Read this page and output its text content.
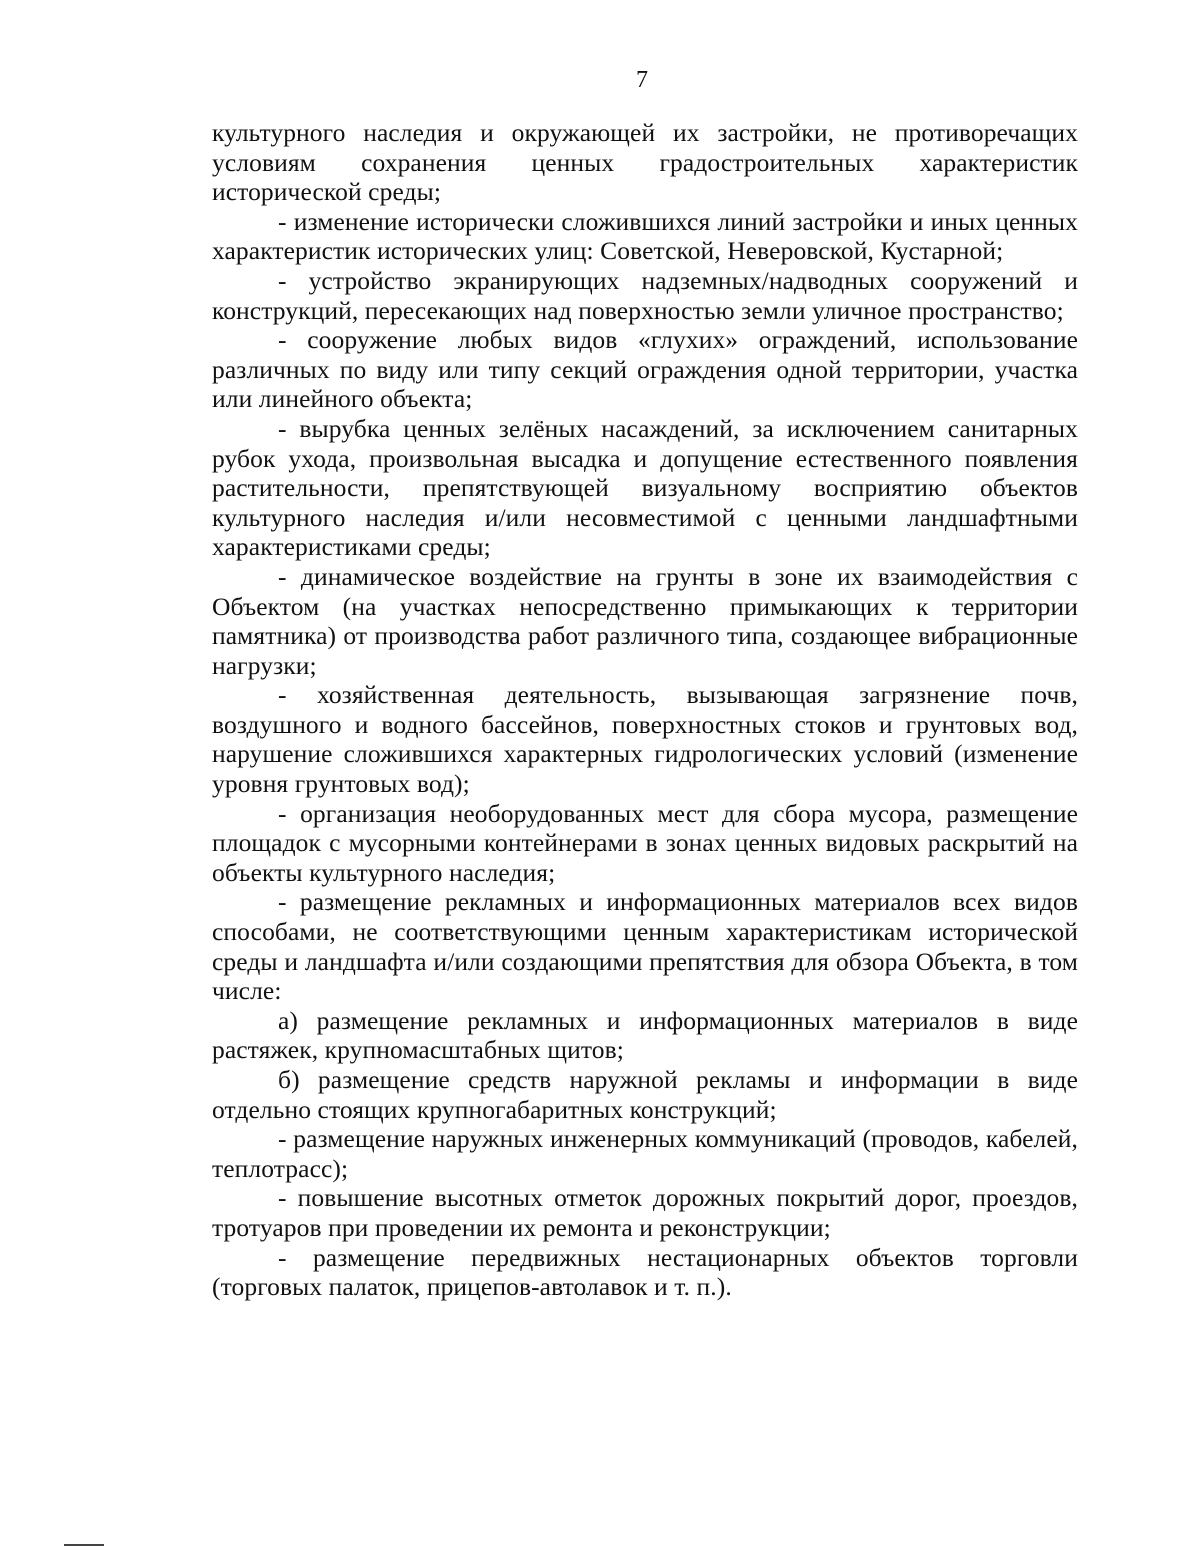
7

культурного наследия и окружающей их застройки, не противоречащих условиям сохранения ценных градостроительных характеристик исторической среды;

- изменение исторически сложившихся линий застройки и иных ценных характеристик исторических улиц: Советской, Неверовской, Кустарной;

- устройство экранирующих надземных/надводных сооружений и конструкций, пересекающих над поверхностью земли уличное пространство;

- сооружение любых видов «глухих» ограждений, использование различных по виду или типу секций ограждения одной территории, участка или линейного объекта;

- вырубка ценных зелёных насаждений, за исключением санитарных рубок ухода, произвольная высадка и допущение естественного появления растительности, препятствующей визуальному восприятию объектов культурного наследия и/или несовместимой с ценными ландшафтными характеристиками среды;

- динамическое воздействие на грунты в зоне их взаимодействия с Объектом (на участках непосредственно примыкающих к территории памятника) от производства работ различного типа, создающее вибрационные нагрузки;

- хозяйственная деятельность, вызывающая загрязнение почв, воздушного и водного бассейнов, поверхностных стоков и грунтовых вод, нарушение сложившихся характерных гидрологических условий (изменение уровня грунтовых вод);

- организация необорудованных мест для сбора мусора, размещение площадок с мусорными контейнерами в зонах ценных видовых раскрытий на объекты культурного наследия;

- размещение рекламных и информационных материалов всех видов способами, не соответствующими ценным характеристикам исторической среды и ландшафта и/или создающими препятствия для обзора Объекта, в том числе:

а) размещение рекламных и информационных материалов в виде растяжек, крупномасштабных щитов;

б) размещение средств наружной рекламы и информации в виде отдельно стоящих крупногабаритных конструкций;

- размещение наружных инженерных коммуникаций (проводов, кабелей, теплотрасс);

- повышение высотных отметок дорожных покрытий дорог, проездов, тротуаров при проведении их ремонта и реконструкции;

- размещение передвижных нестационарных объектов торговли (торговых палаток, прицепов-автолавок и т. п.).
